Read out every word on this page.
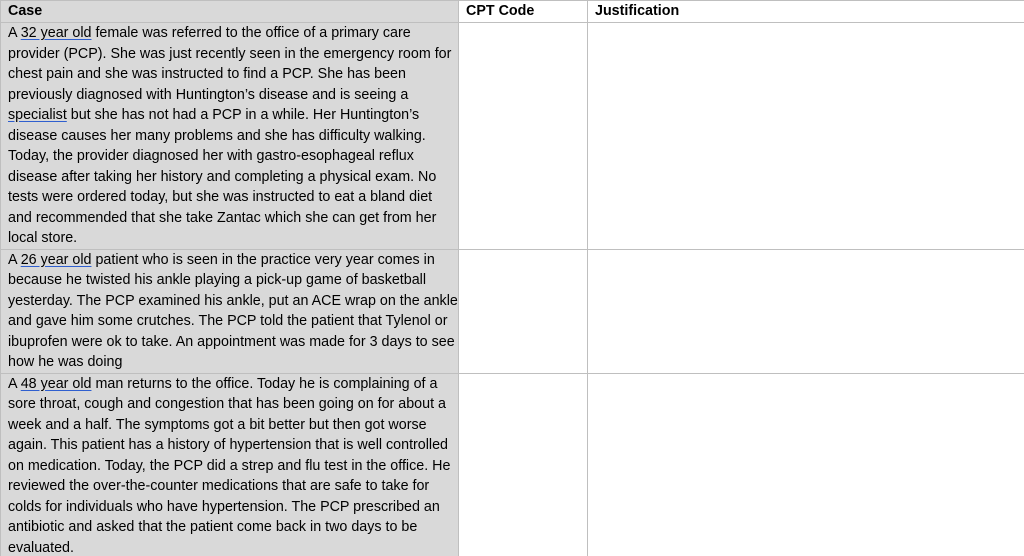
Case	CPT Code	Justification
A 32 year old female was referred to the office of a primary care provider (PCP). She was just recently seen in the emergency room for chest pain and she was instructed to find a PCP. She has been previously diagnosed with Huntington’s disease and is seeing a specialist but she has not had a PCP in a while. Her Huntington’s disease causes her many problems and she has difficulty walking. Today, the provider diagnosed her with gastro-esophageal reflux disease after taking her history and completing a physical exam. No tests were ordered today, but she was instructed to eat a bland diet and recommended that she take Zantac which she can get from her local store.		
A 26 year old patient who is seen in the practice very year comes in because he twisted his ankle playing a pick-up game of basketball yesterday. The PCP examined his ankle, put an ACE wrap on the ankle and gave him some crutches. The PCP told the patient that Tylenol or ibuprofen were ok to take. An appointment was made for 3 days to see how he was doing		
A 48 year old man returns to the office. Today he is complaining of a sore throat, cough and congestion that has been going on for about a week and a half. The symptoms got a bit better but then got worse again. This patient has a history of hypertension that is well controlled on medication. Today, the PCP did a strep and flu test in the office. He reviewed the over-the-counter medications that are safe to take for colds for individuals who have hypertension. The PCP prescribed an antibiotic and asked that the patient come back in two days to be evaluated.		
